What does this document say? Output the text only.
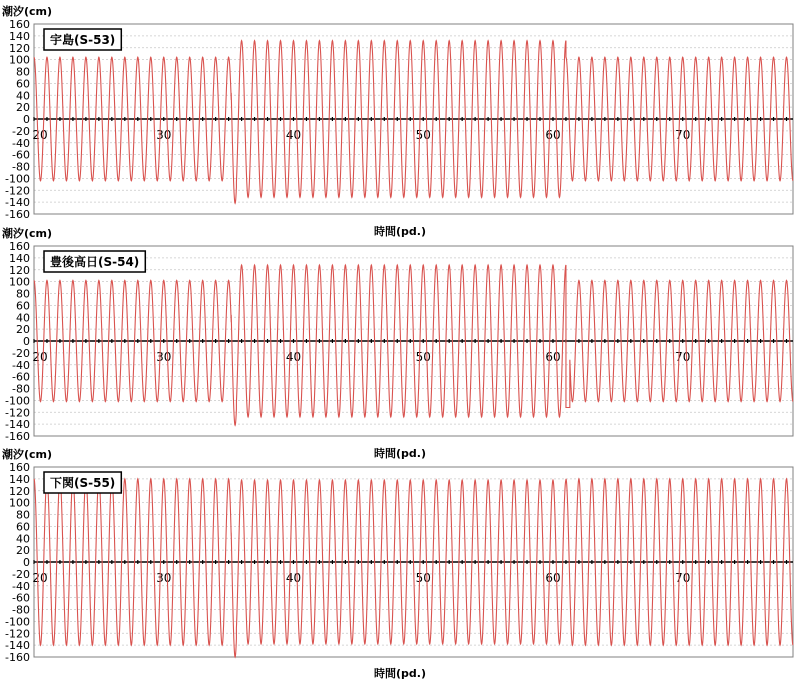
潮汐(cm)
160
140
120
100
80
60
40
20
0
-20
-40
-60
-80
-100
-120
-140
-160
20	30	40	50	60	70
宇島(S-53)
時間(pd.)
潮汐(cm)
160
140
120
100
80
60
40
20
0
-20
-40
-60
-80
-100
-120
-140
-160
20	30	40	50	60	70
豊後高日(S-54)
時間(pd.)
潮汐(cm)
160
140
120
100
80
60
40
20
0
-20
-40
-60
-80
-100
-120
-140
-160
20	30	40	50	60	70
下関(S-55)
時間(pd.)
